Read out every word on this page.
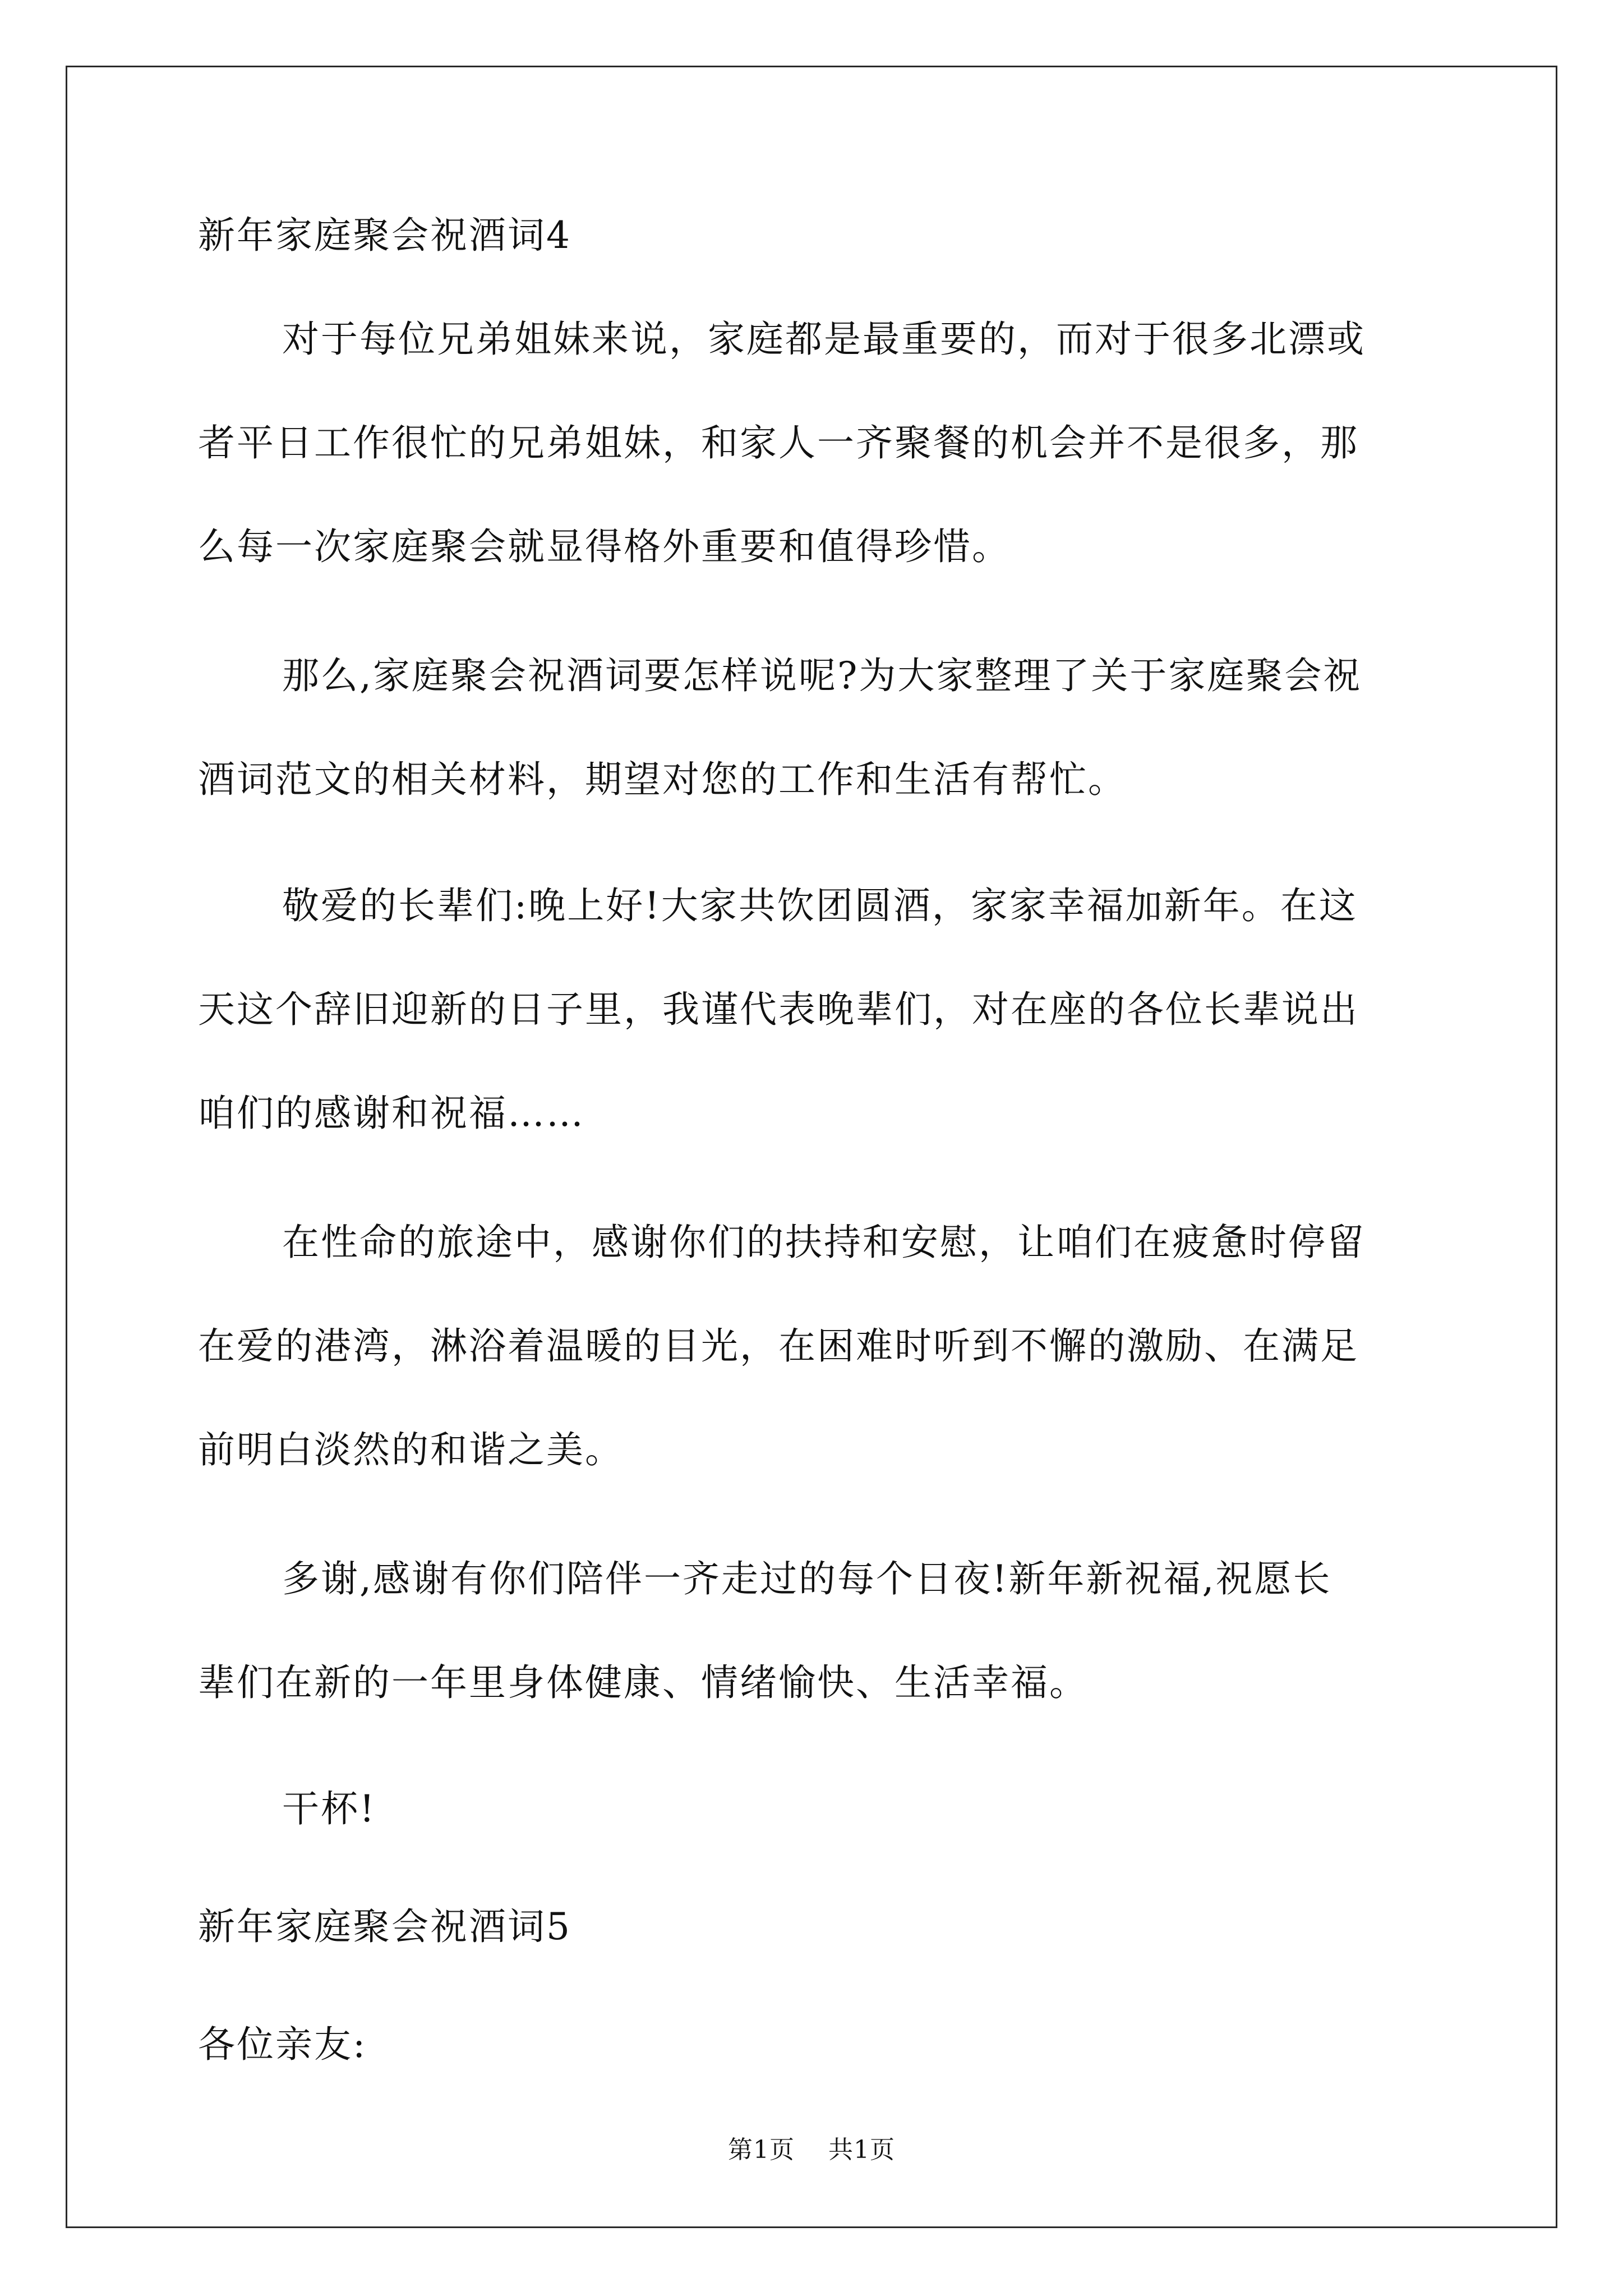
新年家庭聚会祝酒词4

对于每位兄弟姐妹来说，家庭都是最重要的，而对于很多北漂或

者平日工作很忙的兄弟姐妹，和家人一齐聚餐的机会并不是很多，那

么每一次家庭聚会就显得格外重要和值得珍惜。

那么,家庭聚会祝酒词要怎样说呢?为大家整理了关于家庭聚会祝

酒词范文的相关材料，期望对您的工作和生活有帮忙。

敬爱的长辈们:晚上好!大家共饮团圆酒，家家幸福加新年。在这

天这个辞旧迎新的日子里，我谨代表晚辈们，对在座的各位长辈说出

咱们的感谢和祝福……

在性命的旅途中，感谢你们的扶持和安慰，让咱们在疲惫时停留

在爱的港湾，淋浴着温暖的目光，在困难时听到不懈的激励、在满足

前明白淡然的和谐之美。

多谢,感谢有你们陪伴一齐走过的每个日夜!新年新祝福,祝愿长

辈们在新的一年里身体健康、情绪愉快、生活幸福。

干杯!

新年家庭聚会祝酒词5

各位亲友:

第1页 共1页
